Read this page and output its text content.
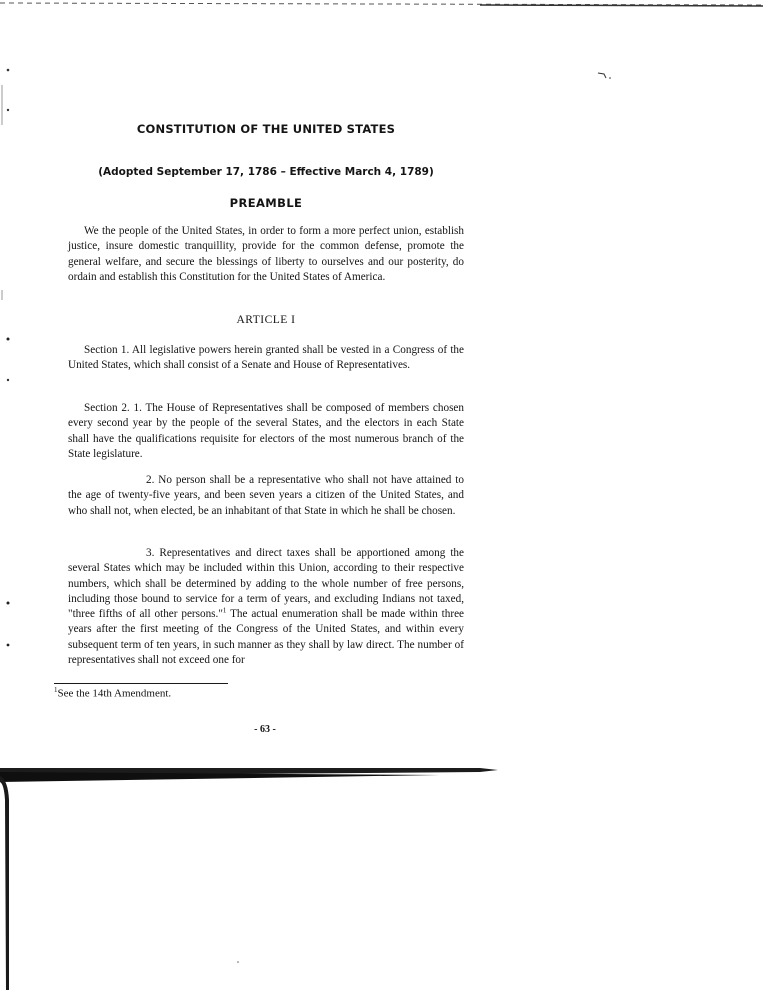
CONSTITUTION OF THE UNITED STATES
(Adopted September 17, 1786 – Effective March 4, 1789)
PREAMBLE

We the people of the United States, in order to form a more perfect union, establish justice, insure domestic tranquillity, provide for the common defense, promote the general welfare, and secure the blessings of liberty to ourselves and our posterity, do ordain and establish this Constitution for the United States of America.

ARTICLE I

Section 1. All legislative powers herein granted shall be vested in a Congress of the United States, which shall consist of a Senate and House of Representatives.

Section 2. 1. The House of Representatives shall be composed of members chosen every second year by the people of the several States, and the electors in each State shall have the qualifications requisite for electors of the most numerous branch of the State legislature.

2. No person shall be a representative who shall not have attained to the age of twenty-five years, and been seven years a citizen of the United States, and who shall not, when elected, be an inhabitant of that State in which he shall be chosen.

3. Representatives and direct taxes shall be apportioned among the several States which may be included within this Union, according to their respective numbers, which shall be determined by adding to the whole number of free persons, including those bound to service for a term of years, and excluding Indians not taxed, "three fifths of all other persons."$^1$ The actual enumeration shall be made within three years after the first meeting of the Congress of the United States, and within every subsequent term of ten years, in such manner as they shall by law direct. The number of representatives shall not exceed one for

$^1$See the 14th Amendment.
- 63 -
